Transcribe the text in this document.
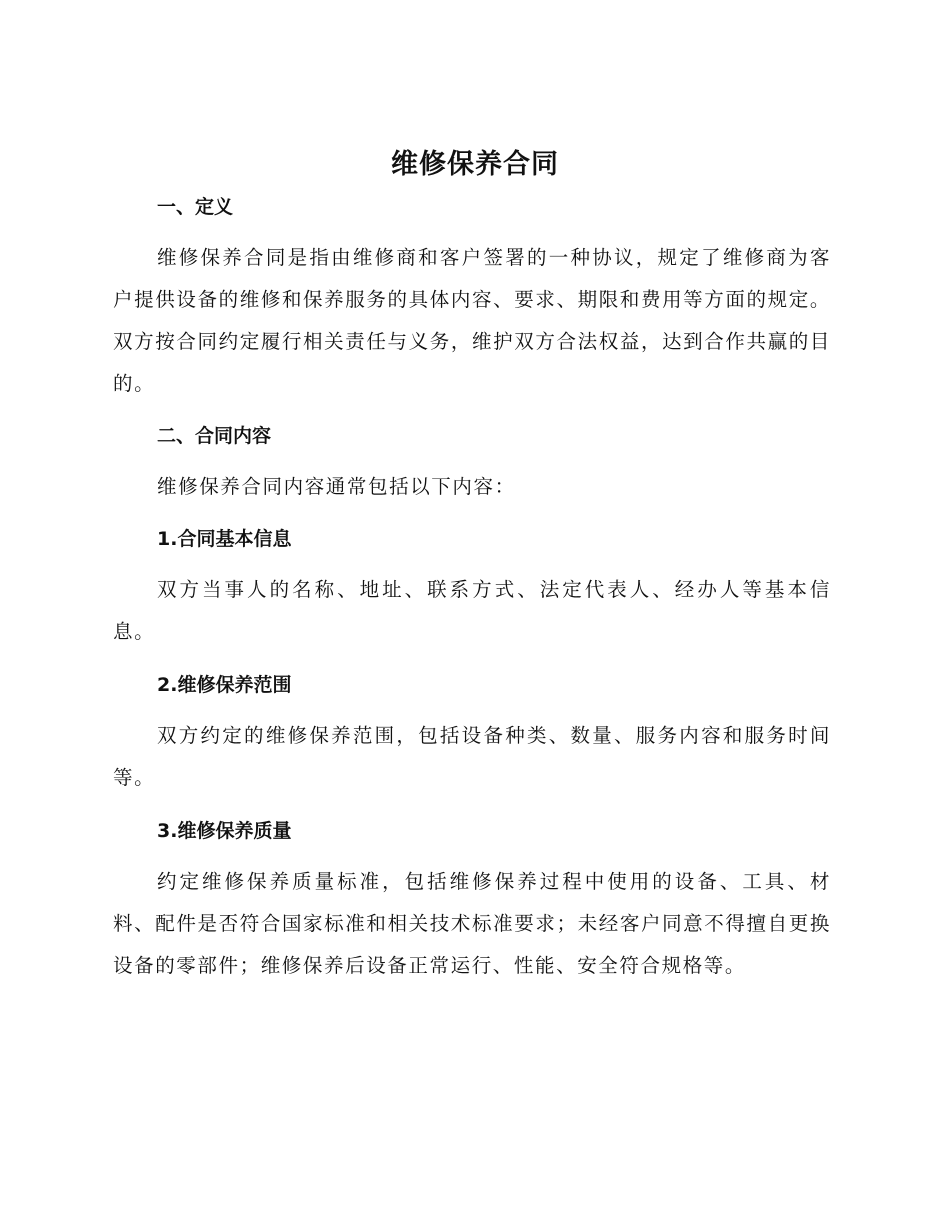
维修保养合同
一、定义
维修保养合同是指由维修商和客户签署的一种协议，规定了维修商为客户提供设备的维修和保养服务的具体内容、要求、期限和费用等方面的规定。双方按合同约定履行相关责任与义务，维护双方合法权益，达到合作共赢的目的。
二、合同内容
维修保养合同内容通常包括以下内容：
1.合同基本信息
双方当事人的名称、地址、联系方式、法定代表人、经办人等基本信息。
2.维修保养范围
双方约定的维修保养范围，包括设备种类、数量、服务内容和服务时间等。
3.维修保养质量
约定维修保养质量标准，包括维修保养过程中使用的设备、工具、材料、配件是否符合国家标准和相关技术标准要求；未经客户同意不得擅自更换设备的零部件；维修保养后设备正常运行、性能、安全符合规格等。
